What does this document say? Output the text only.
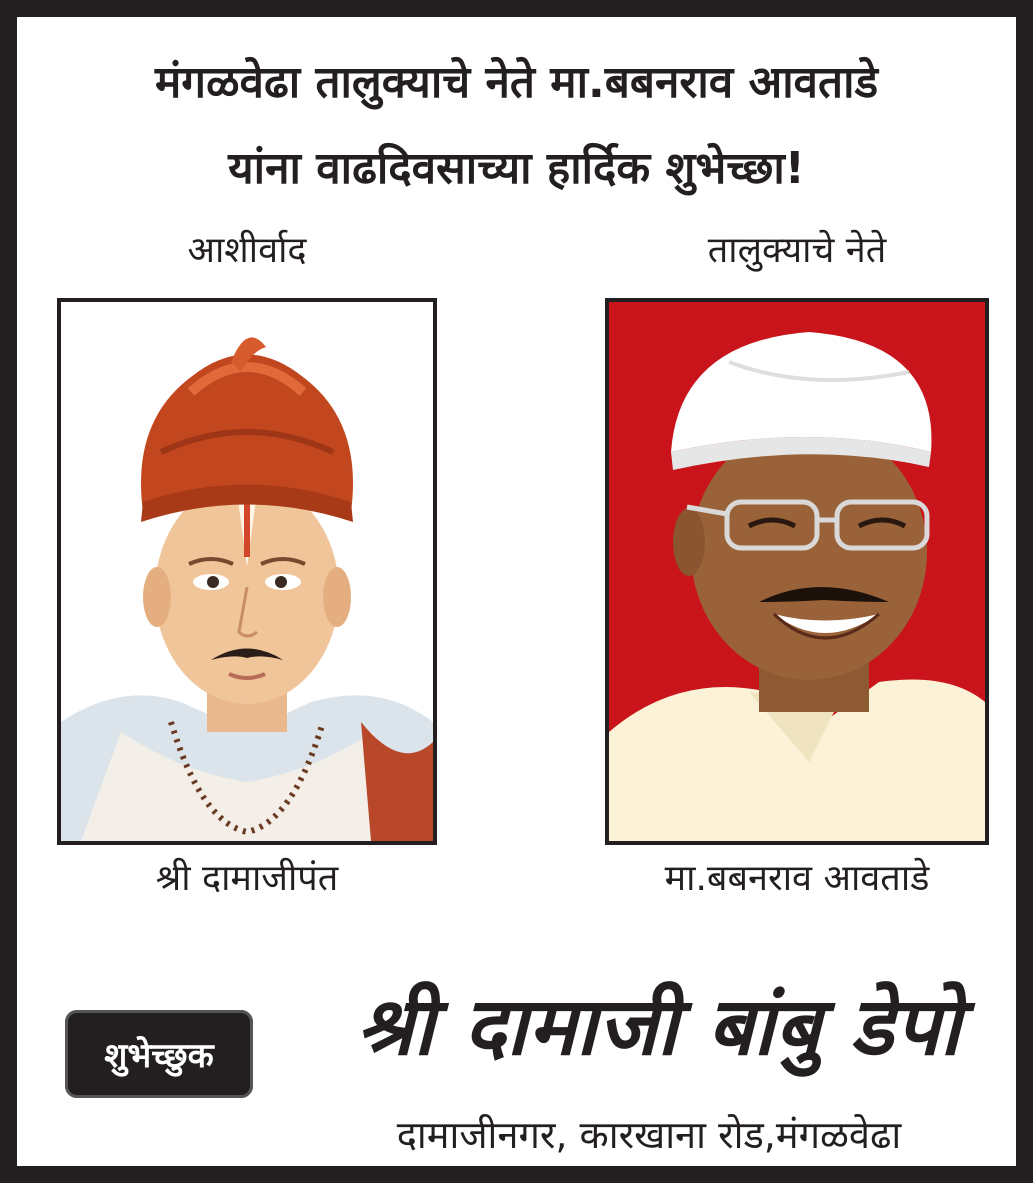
मंगळवेढा तालुक्याचे नेते मा.बबनराव आवताडे
यांना वाढदिवसाच्या हार्दिक शुभेच्छा!
आशीर्वाद	तालुक्याचे नेते
श्री दामाजीपंत	मा.बबनराव आवताडे
शुभेच्छुक	श्री दामाजी बांबु डेपो
दामाजीनगर, कारखाना रोड,मंगळवेढा
